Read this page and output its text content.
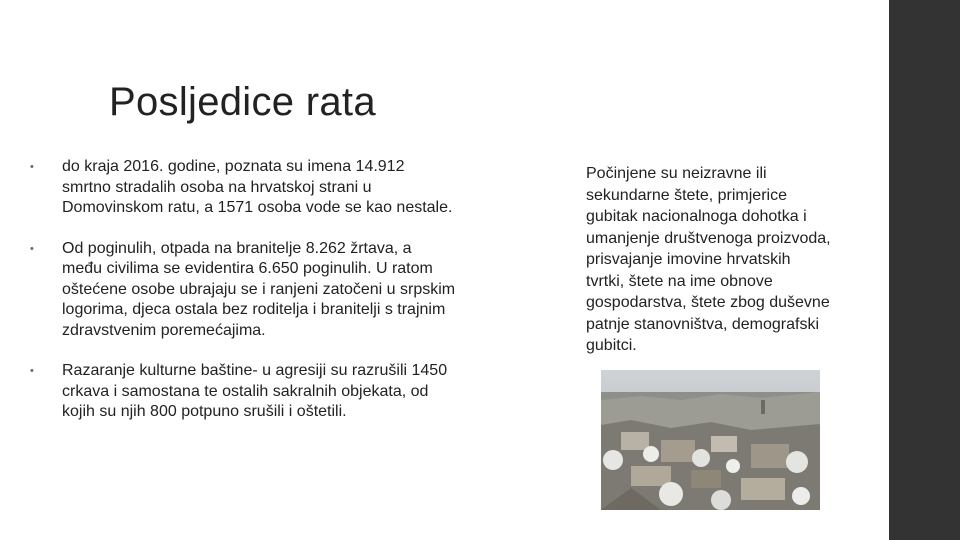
Posljedice rata
• do kraja 2016. godine, poznata su imena 14.912
smrtno stradalih osoba na hrvatskoj strani u
Domovinskom ratu, a 1571 osoba vode se kao nestale.
• Od poginulih, otpada na branitelje 8.262 žrtava, a
među civilima se evidentira 6.650 poginulih. U ratom
oštećene osobe ubrajaju se i ranjeni zatočeni u srpskim
logorima, djeca ostala bez roditelja i branitelji s trajnim
zdravstvenim poremećajima.
• Razaranje kulturne baštine- u agresiji su razrušili 1450
crkava i samostana te ostalih sakralnih objekata, od
kojih su njih 800 potpuno srušili i oštetili.
Počinjene su neizravne ili
sekundarne štete, primjerice
gubitak nacionalnoga dohotka i
umanjenje društvenoga proizvoda,
prisvajanje imovine hrvatskih
tvrtki, štete na ime obnove
gospodarstva, štete zbog duševne
patnje stanovništva, demografski
gubitci.
